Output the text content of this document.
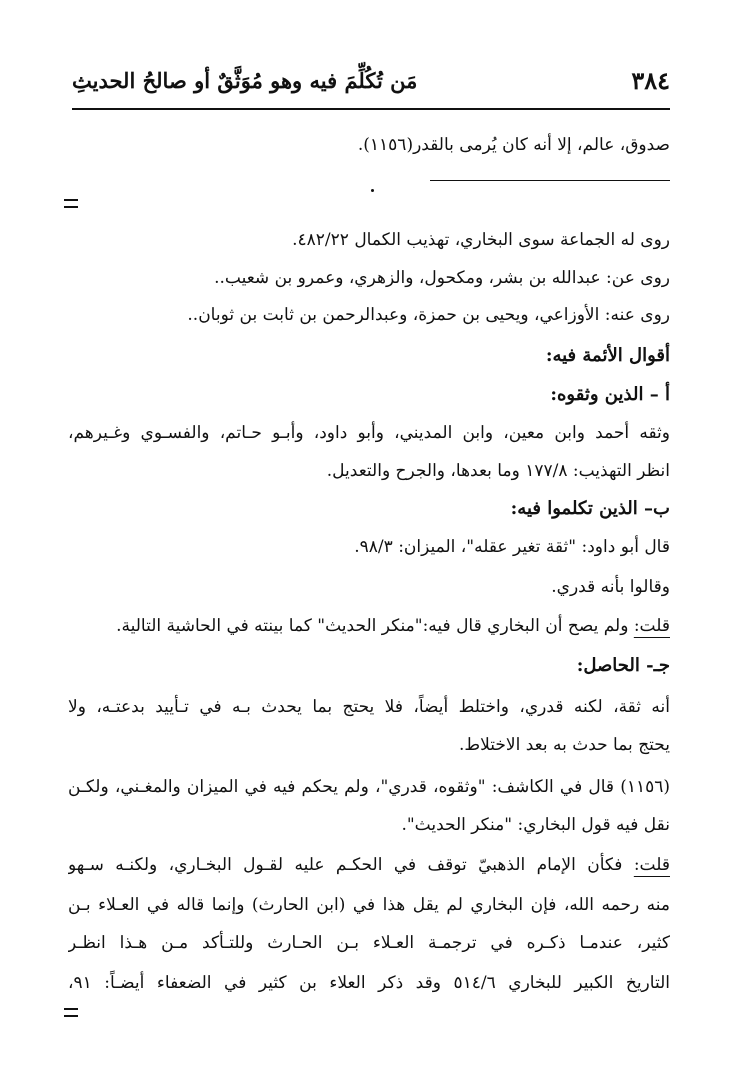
٣٨٤
مَن تُكُلِّمَ فيه وهو مُوَثَّقٌ أو صالحُ الحديثِ
صدوق، عالم، إلا أنه كان يُرمى بالقدر(١١٥٦).
روى له الجماعة سوى البخاري، تهذيب الكمال ٤٨٢/٢٢.
روى عن: عبدالله بن بشر، ومكحول، والزهري، وعمرو بن شعيب..
روى عنه: الأوزاعي، ويحيى بن حمزة، وعبدالرحمن بن ثابت بن ثوبان..
أقوال الأئمة فيه:
أ – الذين وثقوه:
وثقه أحمد وابن معين، وابن المديني، وأبو داود، وأبـو حـاتم، والفسـوي وغـيرهم،
انظر التهذيب: ١٧٧/٨ وما بعدها، والجرح والتعديل.
ب– الذين تكلموا فيه:
قال أبو داود: "ثقة تغير عقله"، الميزان: ٩٨/٣.
وقالوا بأنه قدري.
قلت: ولم يصح أن البخاري قال فيه:"منكر الحديث" كما بينته في الحاشية التالية.
جـ- الحاصل:
أنه ثقة، لكنه قدري، واختلط أيضاً، فلا يحتج بما يحدث بـه في تـأييد بدعتـه، ولا
يحتج بما حدث به بعد الاختلاط.
(١١٥٦) قال في الكاشف: "وثقوه، قدري"، ولم يحكم فيه في الميزان والمغـني، ولكـن
نقل فيه قول البخاري: "منكر الحديث".
قلت: فكأن الإمام الذهبيّ توقف في الحكـم عليه لقـول البخـاري، ولكنـه سـهو
منه رحمه الله، فإن البخاري لم يقل هذا في (ابن الحارث) وإنما قاله في العـلاء بـن
كثير، عندمـا ذكـره في ترجمـة العـلاء بـن الحـارث وللتـأكد مـن هـذا انظـر
التاريخ الكبير للبخاري ٥١٤/٦ وقد ذكر العلاء بن كثير في الضعفاء أيضـاً: ٩١،
